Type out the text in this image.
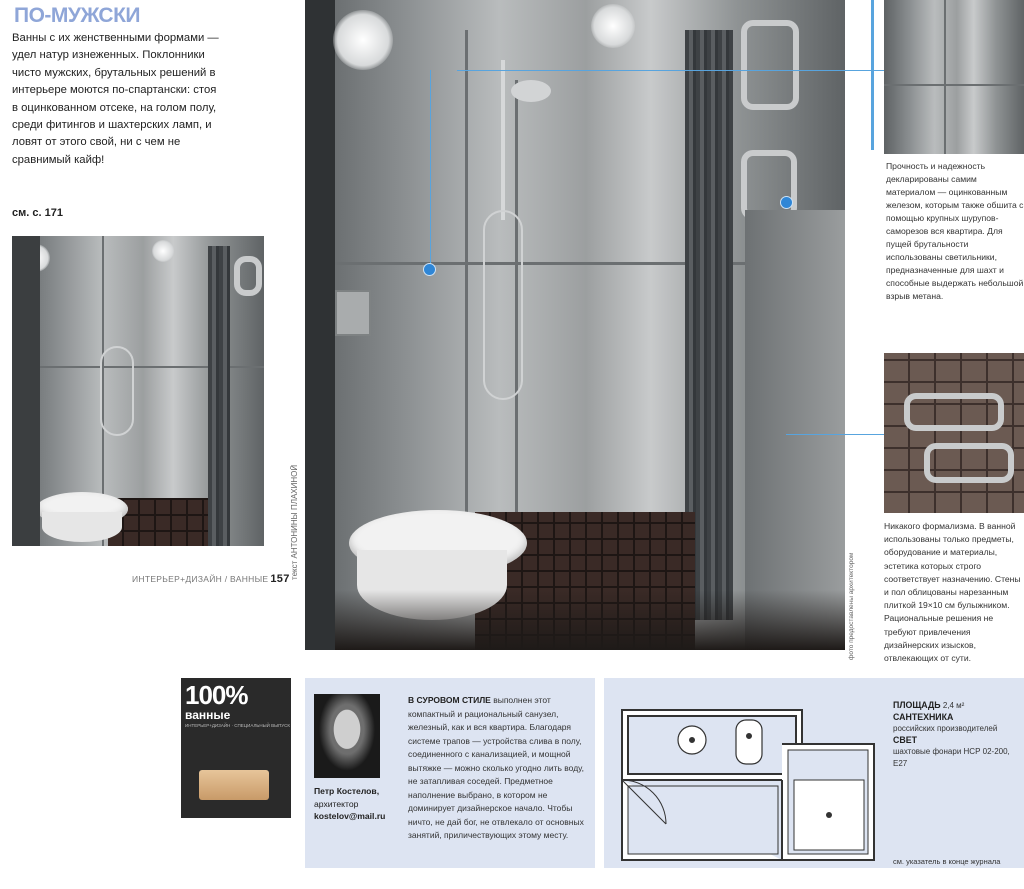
ПО-МУЖСКИ
Ванны с их женственными формами — удел натур изнеженных. Поклонники чисто мужских, брутальных решений в интерьере моются по-спартански: стоя в оцинкованном отсеке, на голом полу, среди фитингов и шахтерских ламп, и ловят от этого свой, ни с чем не сравнимый кайф!
см. с. 171
текст АНТОНИНЫ ПЛАХИНОЙ
ИНТЕРЬЕР+ДИЗАЙН / ВАННЫЕ 157	фото предоставлены архитектором
Прочность и надежность декларированы самим материалом — оцинкованным железом, которым также обшита с помощью крупных шурупов-саморезов вся квартира. Для пущей брутальности использованы светильники, предназначенные для шахт и способные выдержать небольшой взрыв метана.
Никакого формализма. В ванной использованы только предметы, оборудование и материалы, эстетика которых строго соответствует назначению. Стены и пол облицованы нарезанным плиткой 19×10 см булыжником. Рациональные решения не требуют привлечения дизайнерских изысков, отвлекающих от сути.
100%
ванные
ИНТЕРЬЕР+ДИЗАЙН · СПЕЦИАЛЬНЫЙ ВЫПУСК
Петр Костелов,
архитектор
kostelov@mail.ru
В СУРОВОМ СТИЛЕ выполнен этот компактный и рациональный санузел, железный, как и вся квартира. Благодаря системе трапов — устройства слива в полу, соединенного с канализацией, и мощной вытяжке — можно сколько угодно лить воду, не затапливая соседей. Предметное наполнение выбрано, в котором не доминирует дизайнерское начало. Чтобы ничто, не дай бог, не отвлекало от основных занятий, приличествующих этому месту.
ПЛОЩАДЬ 2,4 м²
САНТЕХНИКА
российских производителей
СВЕТ
шахтовые фонари НСР 02-200, Е27
см. указатель в конце журнала
